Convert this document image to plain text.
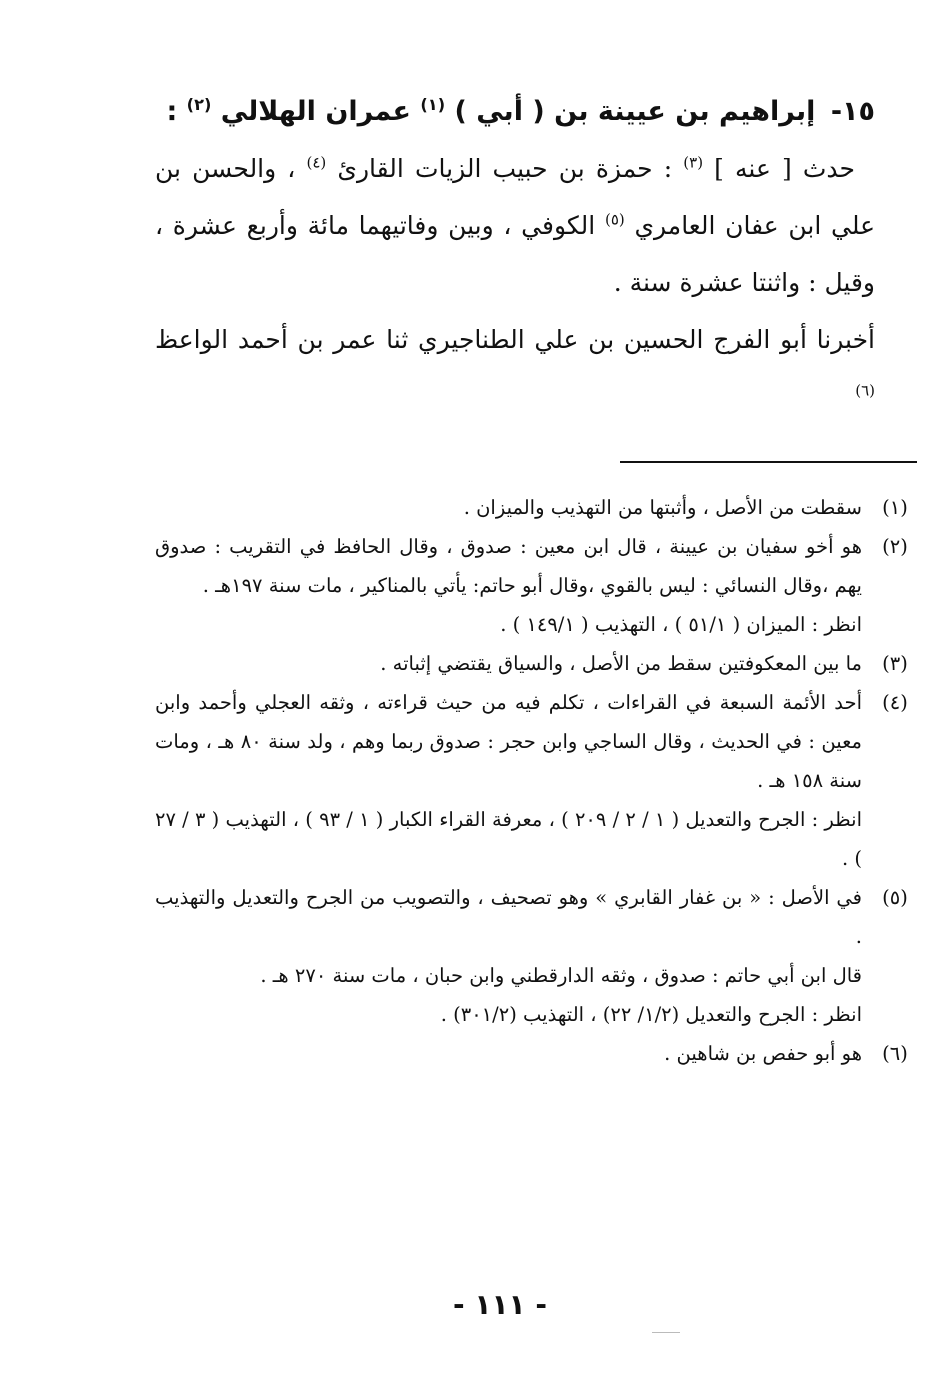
١٥- إبراهيم بن عيينة بن ( أبي ) $^{(١)}$ عمران الهلالي $^{(٢)}$ :

حدث [ عنه ] $^{(٣)}$ : حمزة بن حبيب الزيات القارئ $^{(٤)}$ ، والحسن بن علي ابن عفان العامري $^{(٥)}$ الكوفي ، وبين وفاتيهما مائة وأربع عشرة ، وقيل : واثنتا عشرة سنة .

أخبرنا أبو الفرج الحسين بن علي الطناجيري ثنا عمر بن أحمد الواعظ $^{(٦)}$

(١)
سقطت من الأصل ، وأثبتها من التهذيب والميزان .
(٢)
هو أخو سفيان بن عيينة ، قال ابن معين : صدوق ، وقال الحافظ في التقريب : صدوق يهم ،وقال النسائي : ليس بالقوي ،وقال أبو حاتم: يأتي بالمناكير ، مات سنة ١٩٧هـ .
انظر : الميزان ( ٥١/١ ) ، التهذيب ( ١٤٩/١ ) .
(٣)
ما بين المعكوفتين سقط من الأصل ، والسياق يقتضي إثباته .
(٤)
أحد الأئمة السبعة في القراءات ، تكلم فيه من حيث قراءته ، وثقه العجلي وأحمد وابن معين : في الحديث ، وقال الساجي وابن حجر : صدوق ربما وهم ، ولد سنة ٨٠ هـ ، ومات سنة ١٥٨ هـ .
انظر : الجرح والتعديل ( ١ / ٢ / ٢٠٩ ) ، معرفة القراء الكبار ( ١ / ٩٣ ) ، التهذيب ( ٣ / ٢٧ ) .
(٥)
في الأصل : « بن غفار القابري » وهو تصحيف ، والتصويب من الجرح والتعديل والتهذيب .
قال ابن أبي حاتم : صدوق ، وثقه الدارقطني وابن حبان ، مات سنة ٢٧٠ هـ .
انظر : الجرح والتعديل (١/٢/ ٢٢) ، التهذيب (٣٠١/٢) .
(٦)
هو أبو حفص بن شاهين .
- ١١١ -
